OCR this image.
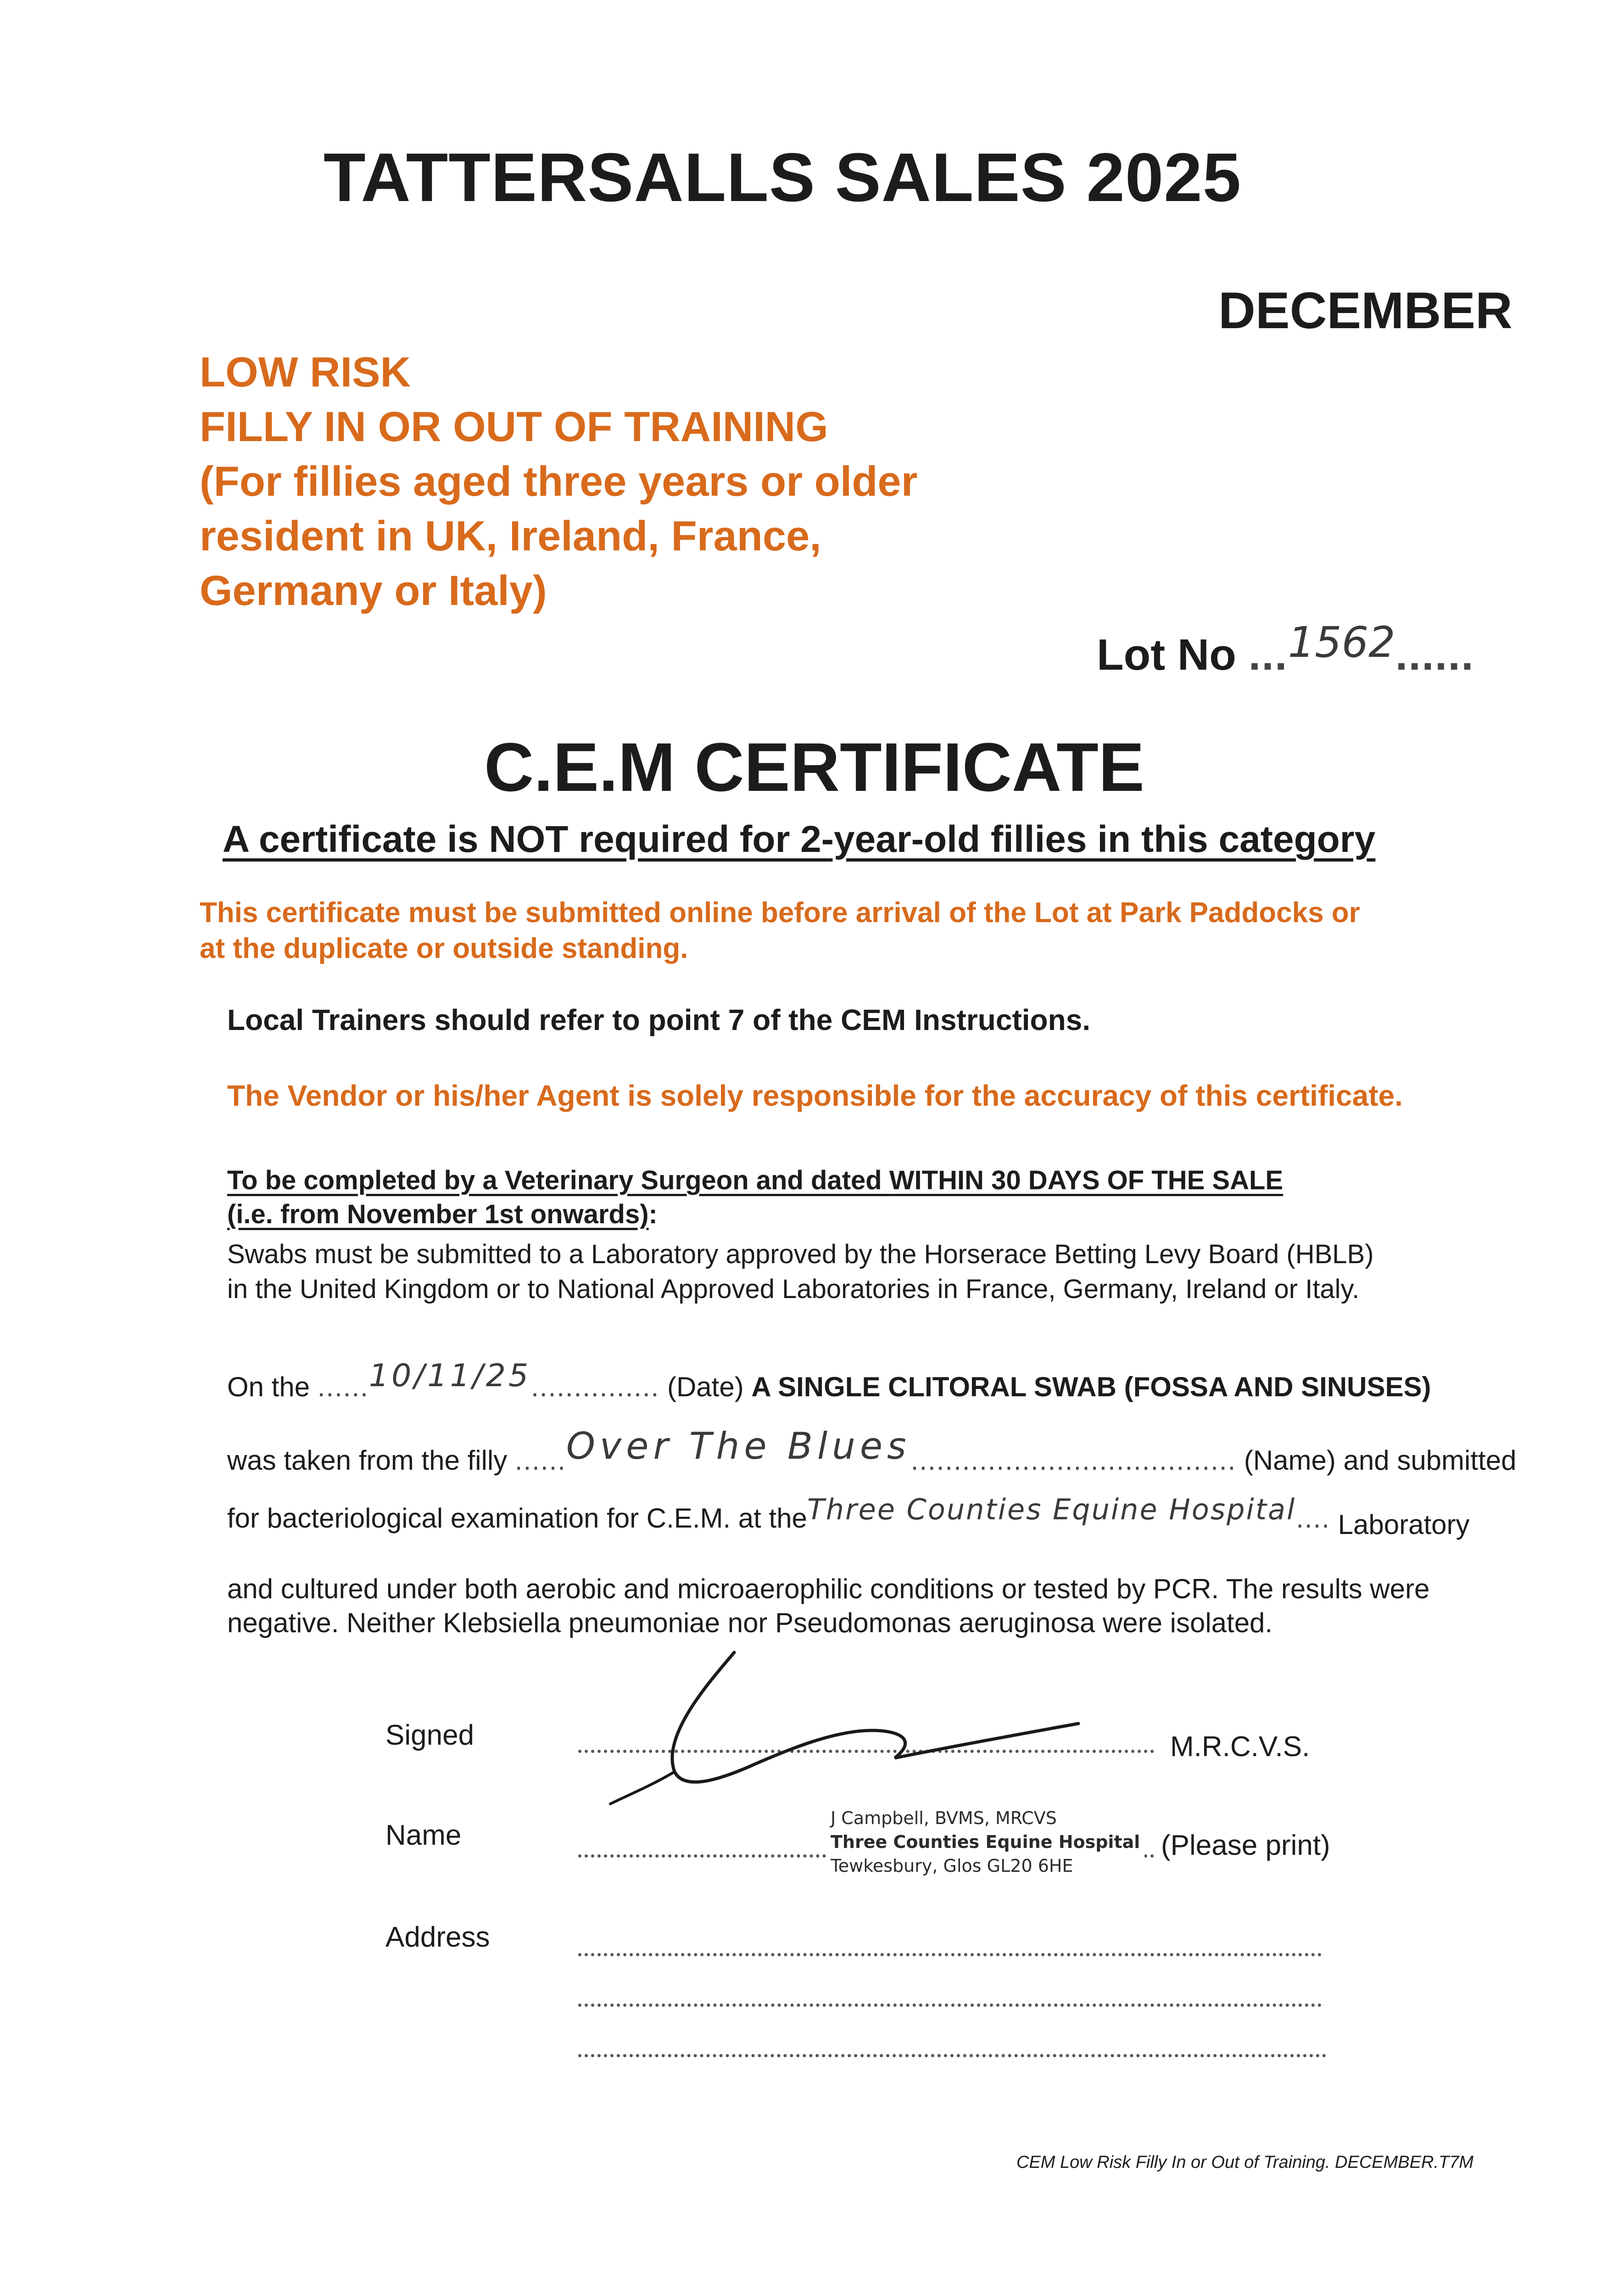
TATTERSALLS SALES 2025
DECEMBER
LOW RISK
FILLY IN OR OUT OF TRAINING
(For fillies aged three years or older
resident in UK, Ireland, France,
Germany or Italy)
Lot No ...1562......
C.E.M CERTIFICATE
A certificate is NOT required for 2-year-old fillies in this category
This certificate must be submitted online before arrival of the Lot at Park Paddocks or
at the duplicate or outside standing.
Local Trainers should refer to point 7 of the CEM Instructions.
The Vendor or his/her Agent is solely responsible for the accuracy of this certificate.
To be completed by a Veterinary Surgeon and dated WITHIN 30 DAYS OF THE SALE
(i.e. from November 1st onwards):
Swabs must be submitted to a Laboratory approved by the Horserace Betting Levy Board (HBLB)
in the United Kingdom or to National Approved Laboratories in France, Germany, Ireland or Italy.
On the ......10/11/25............... (Date) A SINGLE CLITORAL SWAB (FOSSA AND SINUSES)
was taken from the filly ......Over The Blues...................................... (Name) and submitted
for bacteriological examination for C.E.M. at theThree Counties Equine Hospital.... Laboratory
and cultured under both aerobic and microaerophilic conditions or tested by PCR. The results were
negative. Neither Klebsiella pneumoniae nor Pseudomonas aeruginosa were isolated.
Signed	M.R.C.V.S.
Name
J Campbell, BVMS, MRCVS
Three Counties Equine Hospital
Tewkesbury, Glos GL20 6HE
(Please print)
Address
CEM Low Risk Filly In or Out of Training. DECEMBER.T7M
